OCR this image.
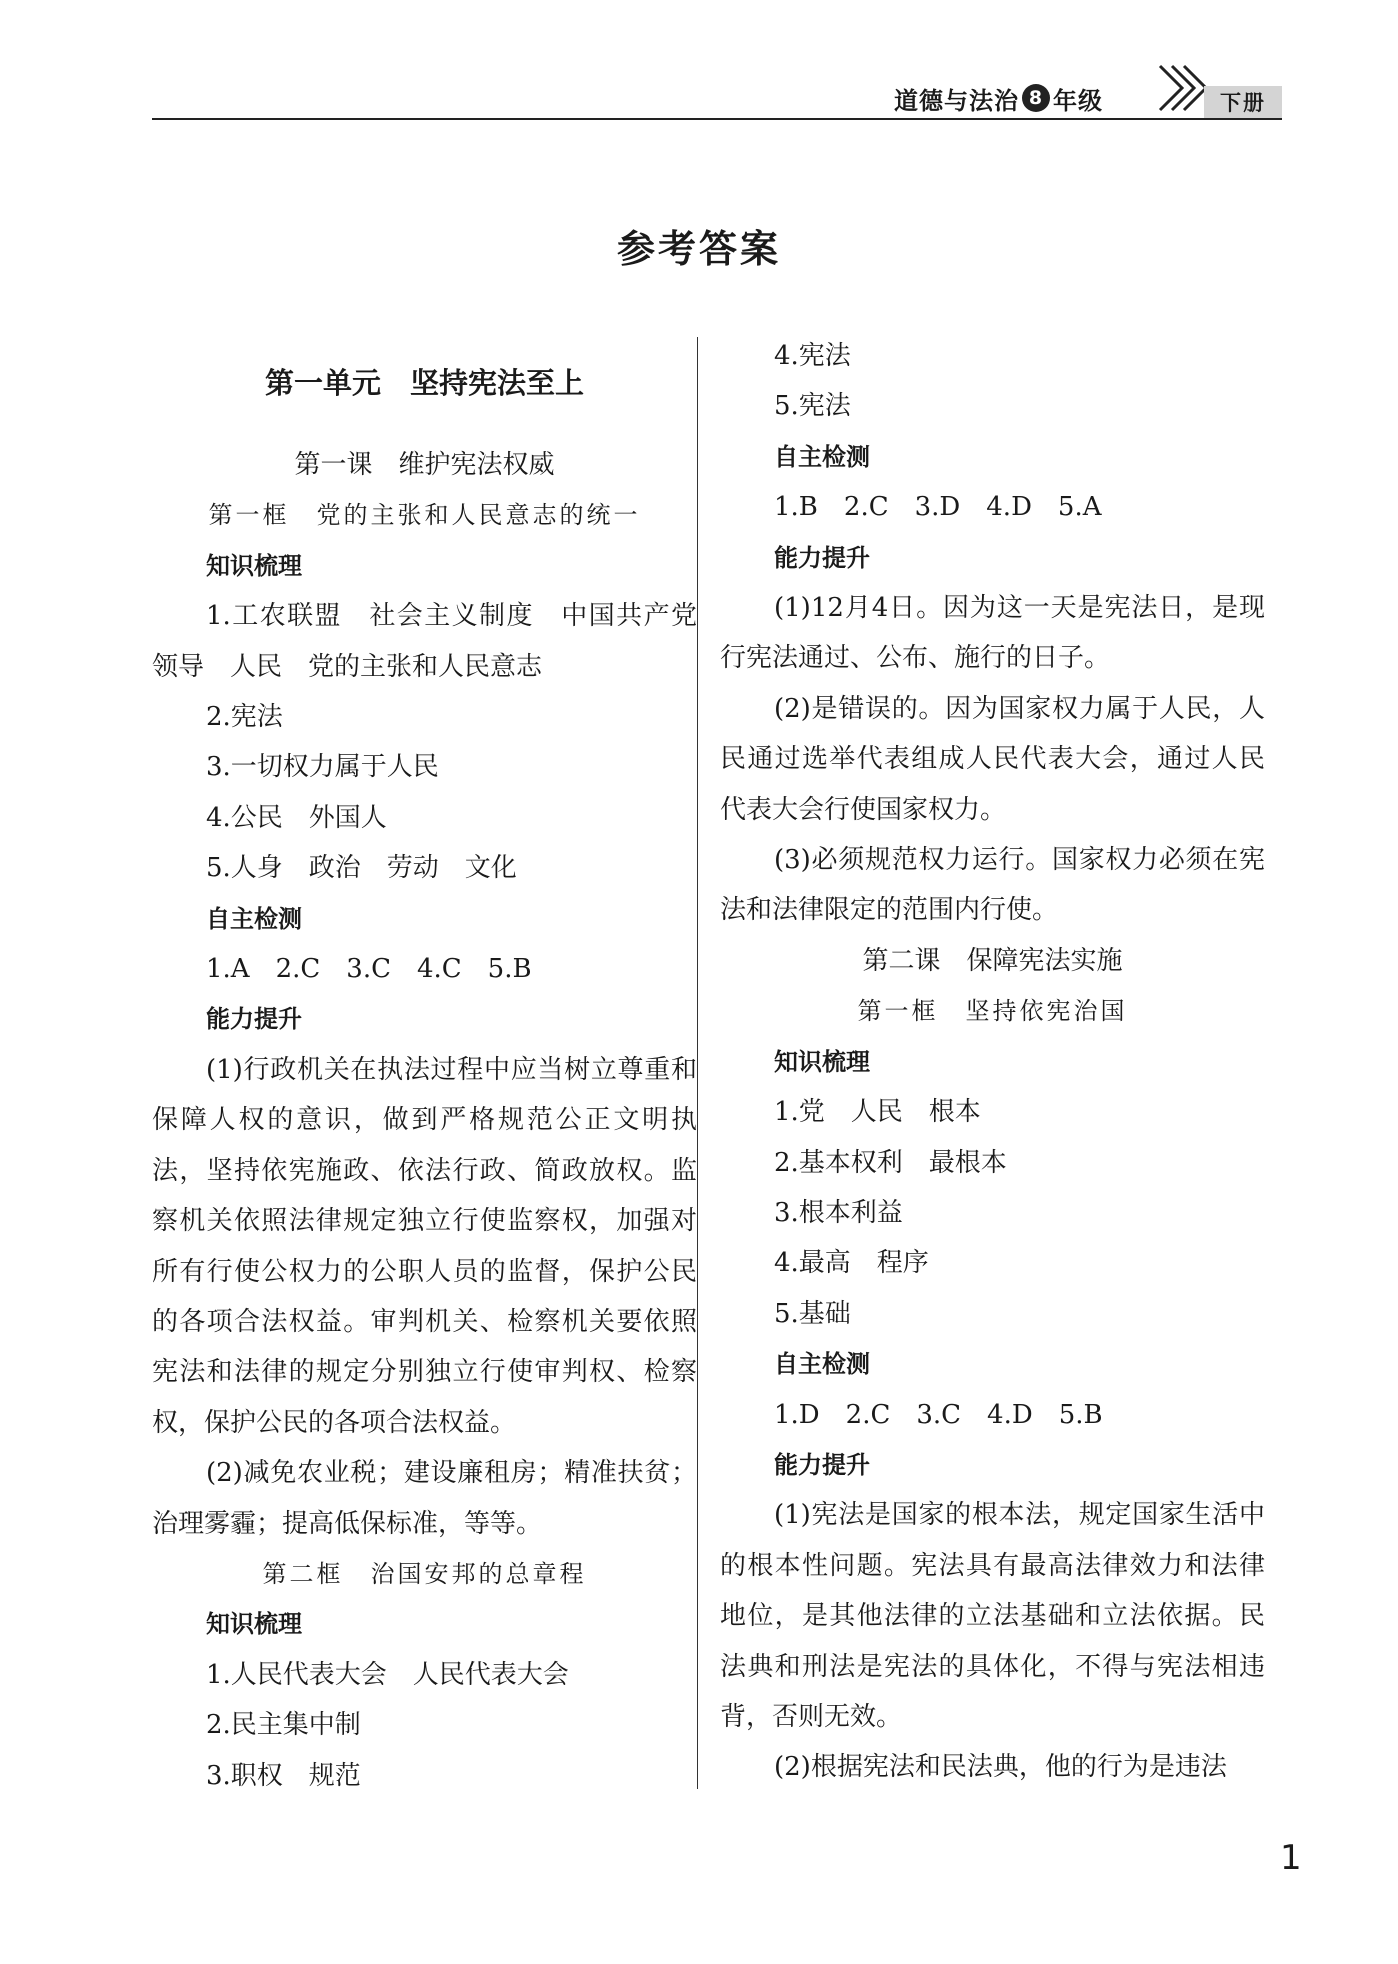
道德与法治 8 年级	下册
参考答案
第一单元　坚持宪法至上
第一课　维护宪法权威
第一框　党的主张和人民意志的统一
知识梳理
1.工农联盟　社会主义制度　中国共产党领导　人民　党的主张和人民意志
2.宪法
3.一切权力属于人民
4.公民　外国人
5.人身　政治　劳动　文化
自主检测
1.A　2.C　3.C　4.C　5.B
能力提升
(1)行政机关在执法过程中应当树立尊重和保障人权的意识，做到严格规范公正文明执法，坚持依宪施政、依法行政、简政放权。监察机关依照法律规定独立行使监察权，加强对所有行使公权力的公职人员的监督，保护公民的各项合法权益。审判机关、检察机关要依照宪法和法律的规定分别独立行使审判权、检察权，保护公民的各项合法权益。
(2)减免农业税；建设廉租房；精准扶贫；治理雾霾；提高低保标准，等等。
第二框　治国安邦的总章程
知识梳理
1.人民代表大会　人民代表大会
2.民主集中制
3.职权　规范
4.宪法
5.宪法
自主检测
1.B　2.C　3.D　4.D　5.A
能力提升
(1)12月4日。因为这一天是宪法日，是现行宪法通过、公布、施行的日子。
(2)是错误的。因为国家权力属于人民，人民通过选举代表组成人民代表大会，通过人民代表大会行使国家权力。
(3)必须规范权力运行。国家权力必须在宪法和法律限定的范围内行使。
第二课　保障宪法实施
第一框　坚持依宪治国
知识梳理
1.党　人民　根本
2.基本权利　最根本
3.根本利益
4.最高　程序
5.基础
自主检测
1.D　2.C　3.C　4.D　5.B
能力提升
(1)宪法是国家的根本法，规定国家生活中的根本性问题。宪法具有最高法律效力和法律地位，是其他法律的立法基础和立法依据。民法典和刑法是宪法的具体化，不得与宪法相违背，否则无效。
(2)根据宪法和民法典，他的行为是违法
1
